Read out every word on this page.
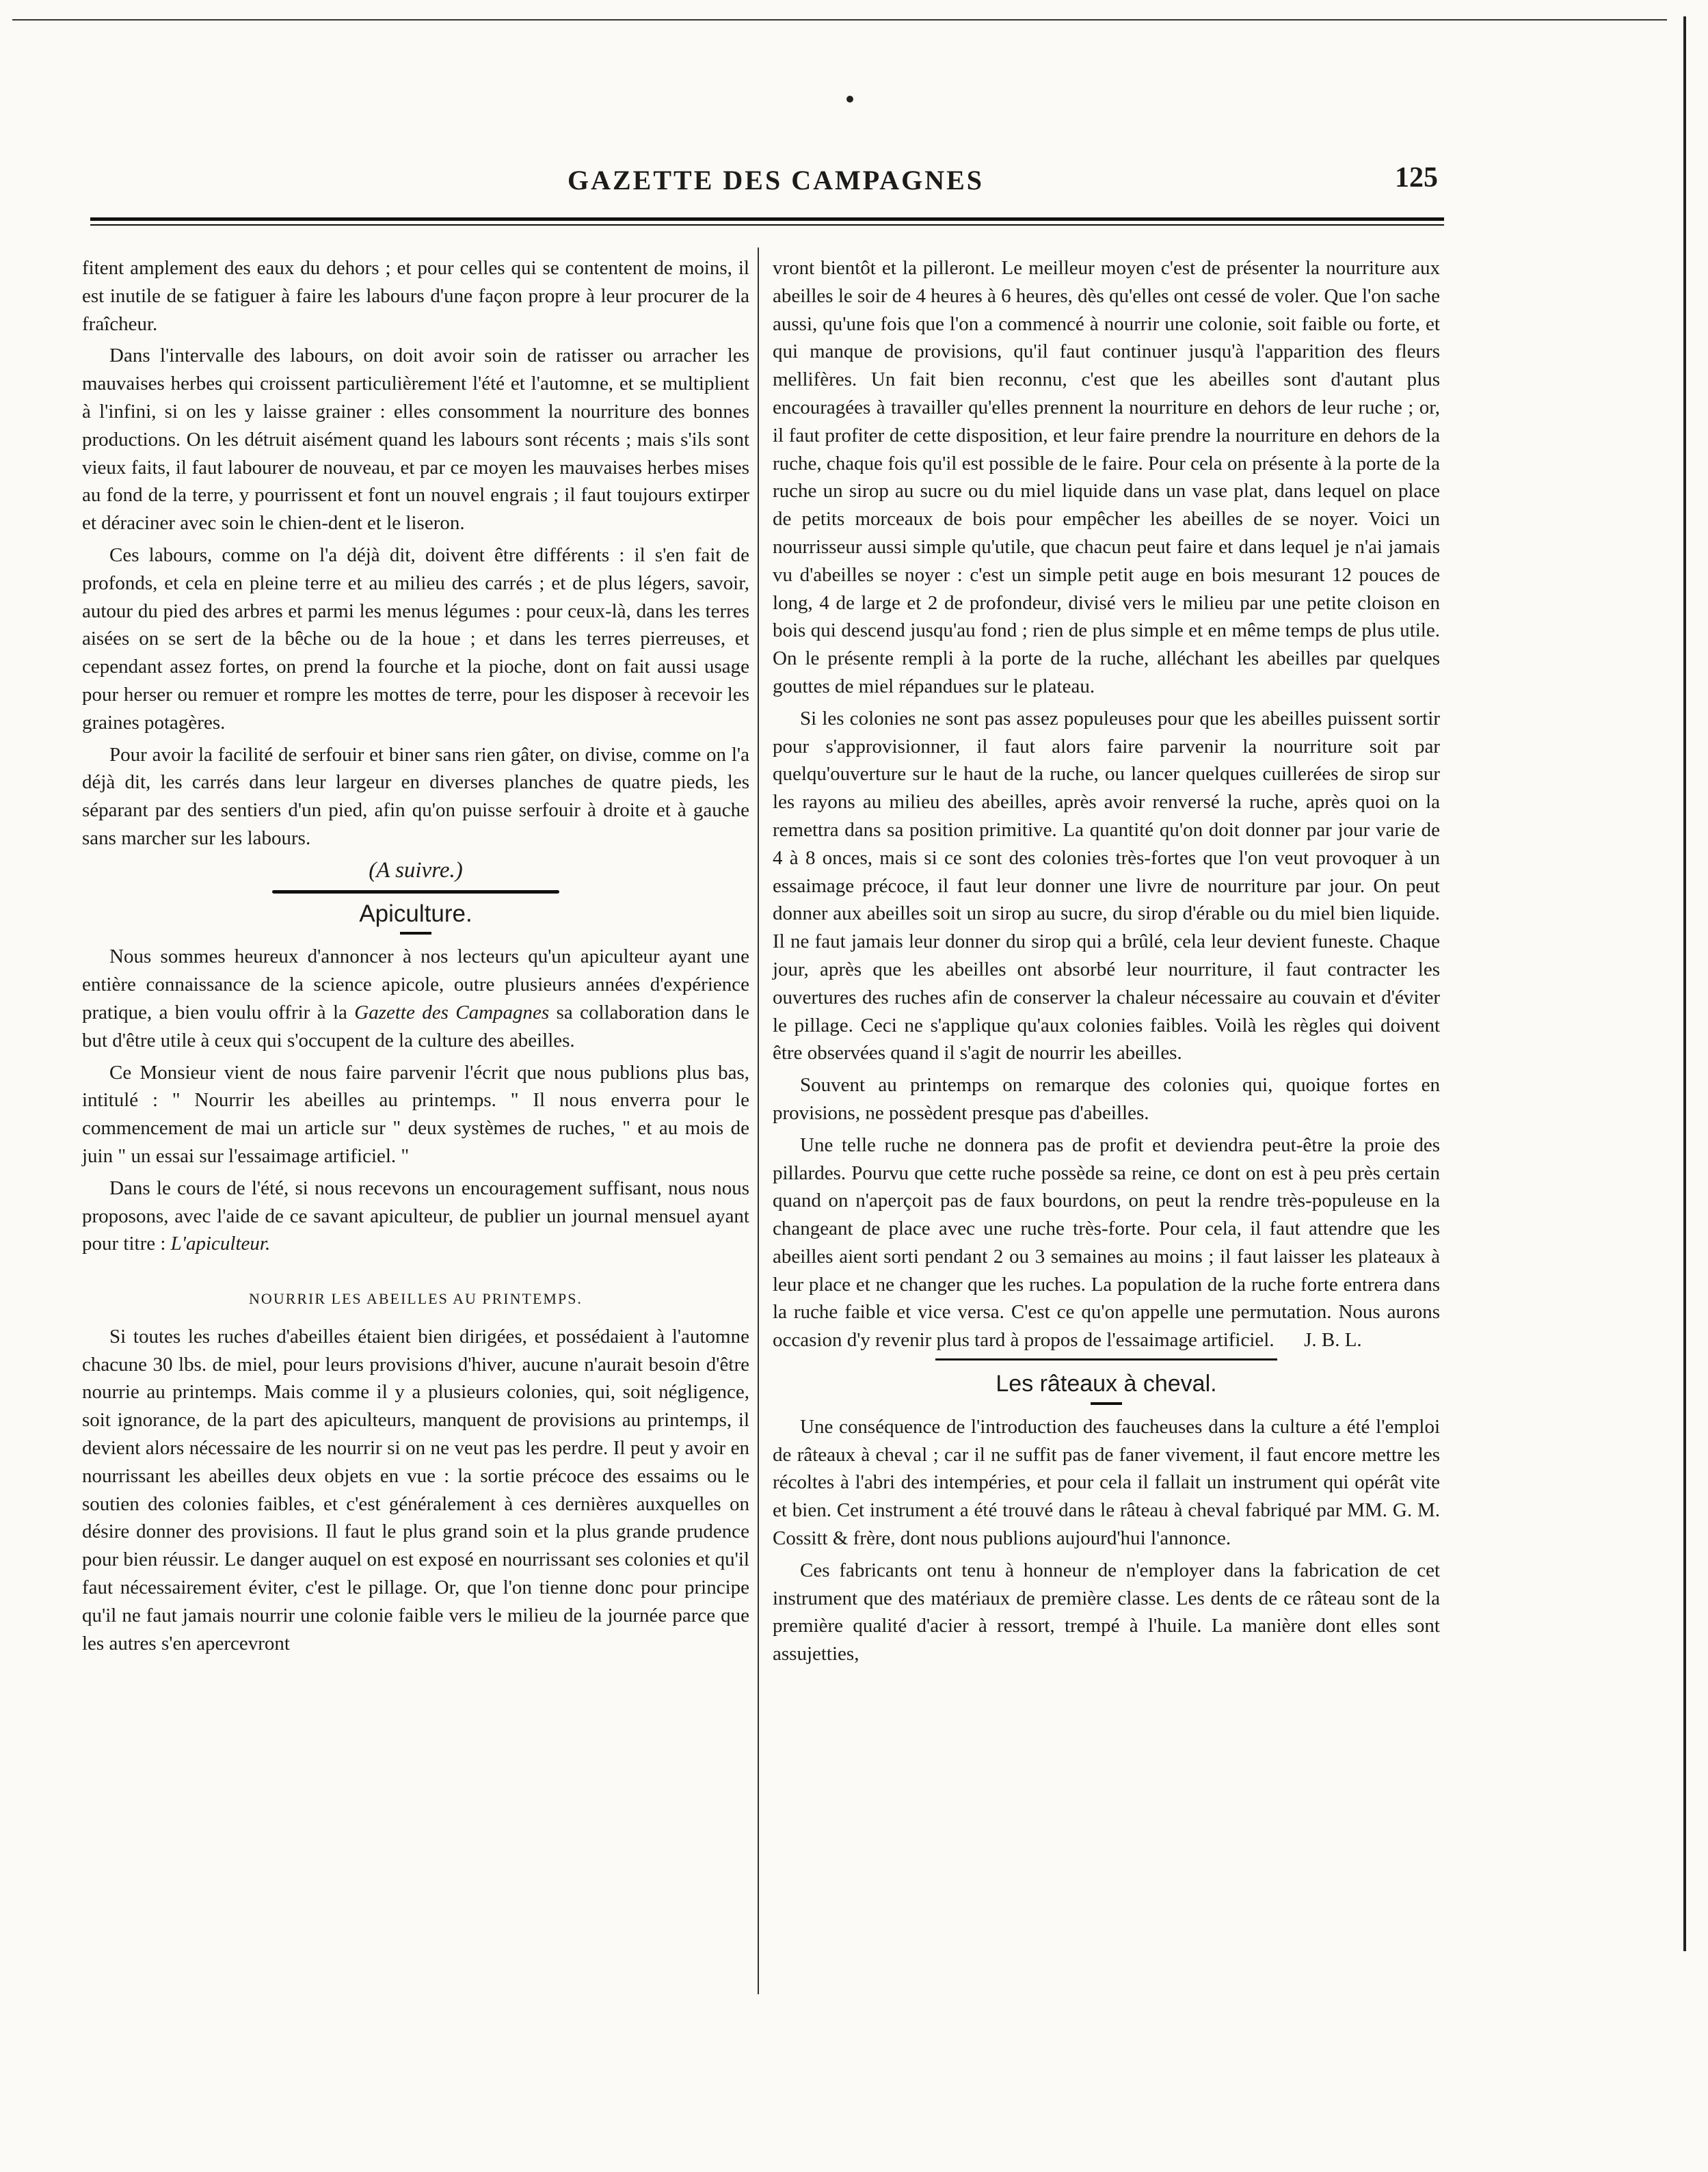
GAZETTE DES CAMPAGNES	125

fitent amplement des eaux du dehors ; et pour celles qui se contentent de moins, il est inutile de se fatiguer à faire les labours d'une façon propre à leur procurer de la fraîcheur.

Dans l'intervalle des labours, on doit avoir soin de ratisser ou arracher les mauvaises herbes qui croissent particulièrement l'été et l'automne, et se multiplient à l'infini, si on les y laisse grainer : elles consomment la nourriture des bonnes productions. On les détruit aisément quand les labours sont récents ; mais s'ils sont vieux faits, il faut labourer de nouveau, et par ce moyen les mauvaises herbes mises au fond de la terre, y pourrissent et font un nouvel engrais ; il faut toujours extirper et déraciner avec soin le chien-dent et le liseron.

Ces labours, comme on l'a déjà dit, doivent être différents : il s'en fait de profonds, et cela en pleine terre et au milieu des carrés ; et de plus légers, savoir, autour du pied des arbres et parmi les menus légumes : pour ceux-là, dans les terres aisées on se sert de la bêche ou de la houe ; et dans les terres pierreuses, et cependant assez fortes, on prend la fourche et la pioche, dont on fait aussi usage pour herser ou remuer et rompre les mottes de terre, pour les disposer à recevoir les graines potagères.

Pour avoir la facilité de serfouir et biner sans rien gâter, on divise, comme on l'a déjà dit, les carrés dans leur largeur en diverses planches de quatre pieds, les séparant par des sentiers d'un pied, afin qu'on puisse serfouir à droite et à gauche sans marcher sur les labours.

(A suivre.)
Apiculture.

Nous sommes heureux d'annoncer à nos lecteurs qu'un apiculteur ayant une entière connaissance de la science apicole, outre plusieurs années d'expérience pratique, a bien voulu offrir à la Gazette des Campagnes sa collaboration dans le but d'être utile à ceux qui s'occupent de la culture des abeilles.

Ce Monsieur vient de nous faire parvenir l'écrit que nous publions plus bas, intitulé : " Nourrir les abeilles au printemps. " Il nous enverra pour le commencement de mai un article sur " deux systèmes de ruches, " et au mois de juin " un essai sur l'essaimage artificiel. "

Dans le cours de l'été, si nous recevons un encouragement suffisant, nous nous proposons, avec l'aide de ce savant apiculteur, de publier un journal mensuel ayant pour titre : L'apiculteur.

NOURRIR LES ABEILLES AU PRINTEMPS.

Si toutes les ruches d'abeilles étaient bien dirigées, et possédaient à l'automne chacune 30 lbs. de miel, pour leurs provisions d'hiver, aucune n'aurait besoin d'être nourrie au printemps. Mais comme il y a plusieurs colonies, qui, soit négligence, soit ignorance, de la part des apiculteurs, manquent de provisions au printemps, il devient alors nécessaire de les nourrir si on ne veut pas les perdre. Il peut y avoir en nourrissant les abeilles deux objets en vue : la sortie précoce des essaims ou le soutien des colonies faibles, et c'est généralement à ces dernières auxquelles on désire donner des provisions. Il faut le plus grand soin et la plus grande prudence pour bien réussir. Le danger auquel on est exposé en nourrissant ses colonies et qu'il faut nécessairement éviter, c'est le pillage. Or, que l'on tienne donc pour principe qu'il ne faut jamais nourrir une colonie faible vers le milieu de la journée parce que les autres s'en apercevront

vront bientôt et la pilleront. Le meilleur moyen c'est de présenter la nourriture aux abeilles le soir de 4 heures à 6 heures, dès qu'elles ont cessé de voler. Que l'on sache aussi, qu'une fois que l'on a commencé à nourrir une colonie, soit faible ou forte, et qui manque de provisions, qu'il faut continuer jusqu'à l'apparition des fleurs mellifères. Un fait bien reconnu, c'est que les abeilles sont d'autant plus encouragées à travailler qu'elles prennent la nourriture en dehors de leur ruche ; or, il faut profiter de cette disposition, et leur faire prendre la nourriture en dehors de la ruche, chaque fois qu'il est possible de le faire. Pour cela on présente à la porte de la ruche un sirop au sucre ou du miel liquide dans un vase plat, dans lequel on place de petits morceaux de bois pour empêcher les abeilles de se noyer. Voici un nourrisseur aussi simple qu'utile, que chacun peut faire et dans lequel je n'ai jamais vu d'abeilles se noyer : c'est un simple petit auge en bois mesurant 12 pouces de long, 4 de large et 2 de profondeur, divisé vers le milieu par une petite cloison en bois qui descend jusqu'au fond ; rien de plus simple et en même temps de plus utile. On le présente rempli à la porte de la ruche, alléchant les abeilles par quelques gouttes de miel répandues sur le plateau.

Si les colonies ne sont pas assez populeuses pour que les abeilles puissent sortir pour s'approvisionner, il faut alors faire parvenir la nourriture soit par quelqu'ouverture sur le haut de la ruche, ou lancer quelques cuillerées de sirop sur les rayons au milieu des abeilles, après avoir renversé la ruche, après quoi on la remettra dans sa position primitive. La quantité qu'on doit donner par jour varie de 4 à 8 onces, mais si ce sont des colonies très-fortes que l'on veut provoquer à un essaimage précoce, il faut leur donner une livre de nourriture par jour. On peut donner aux abeilles soit un sirop au sucre, du sirop d'érable ou du miel bien liquide. Il ne faut jamais leur donner du sirop qui a brûlé, cela leur devient funeste. Chaque jour, après que les abeilles ont absorbé leur nourriture, il faut contracter les ouvertures des ruches afin de conserver la chaleur nécessaire au couvain et d'éviter le pillage. Ceci ne s'applique qu'aux colonies faibles. Voilà les règles qui doivent être observées quand il s'agit de nourrir les abeilles.

Souvent au printemps on remarque des colonies qui, quoique fortes en provisions, ne possèdent presque pas d'abeilles.

Une telle ruche ne donnera pas de profit et deviendra peut-être la proie des pillardes. Pourvu que cette ruche possède sa reine, ce dont on est à peu près certain quand on n'aperçoit pas de faux bourdons, on peut la rendre très-populeuse en la changeant de place avec une ruche très-forte. Pour cela, il faut attendre que les abeilles aient sorti pendant 2 ou 3 semaines au moins ; il faut laisser les plateaux à leur place et ne changer que les ruches. La population de la ruche forte entrera dans la ruche faible et vice versa. C'est ce qu'on appelle une permutation. Nous aurons occasion d'y revenir plus tard à propos de l'essaimage artificiel. J. B. L.

Les râteaux à cheval.

Une conséquence de l'introduction des faucheuses dans la culture a été l'emploi de râteaux à cheval ; car il ne suffit pas de faner vivement, il faut encore mettre les récoltes à l'abri des intempéries, et pour cela il fallait un instrument qui opérât vite et bien. Cet instrument a été trouvé dans le râteau à cheval fabriqué par MM. G. M. Cossitt & frère, dont nous publions aujourd'hui l'annonce.

Ces fabricants ont tenu à honneur de n'employer dans la fabrication de cet instrument que des matériaux de première classe. Les dents de ce râteau sont de la première qualité d'acier à ressort, trempé à l'huile. La manière dont elles sont assujetties,
